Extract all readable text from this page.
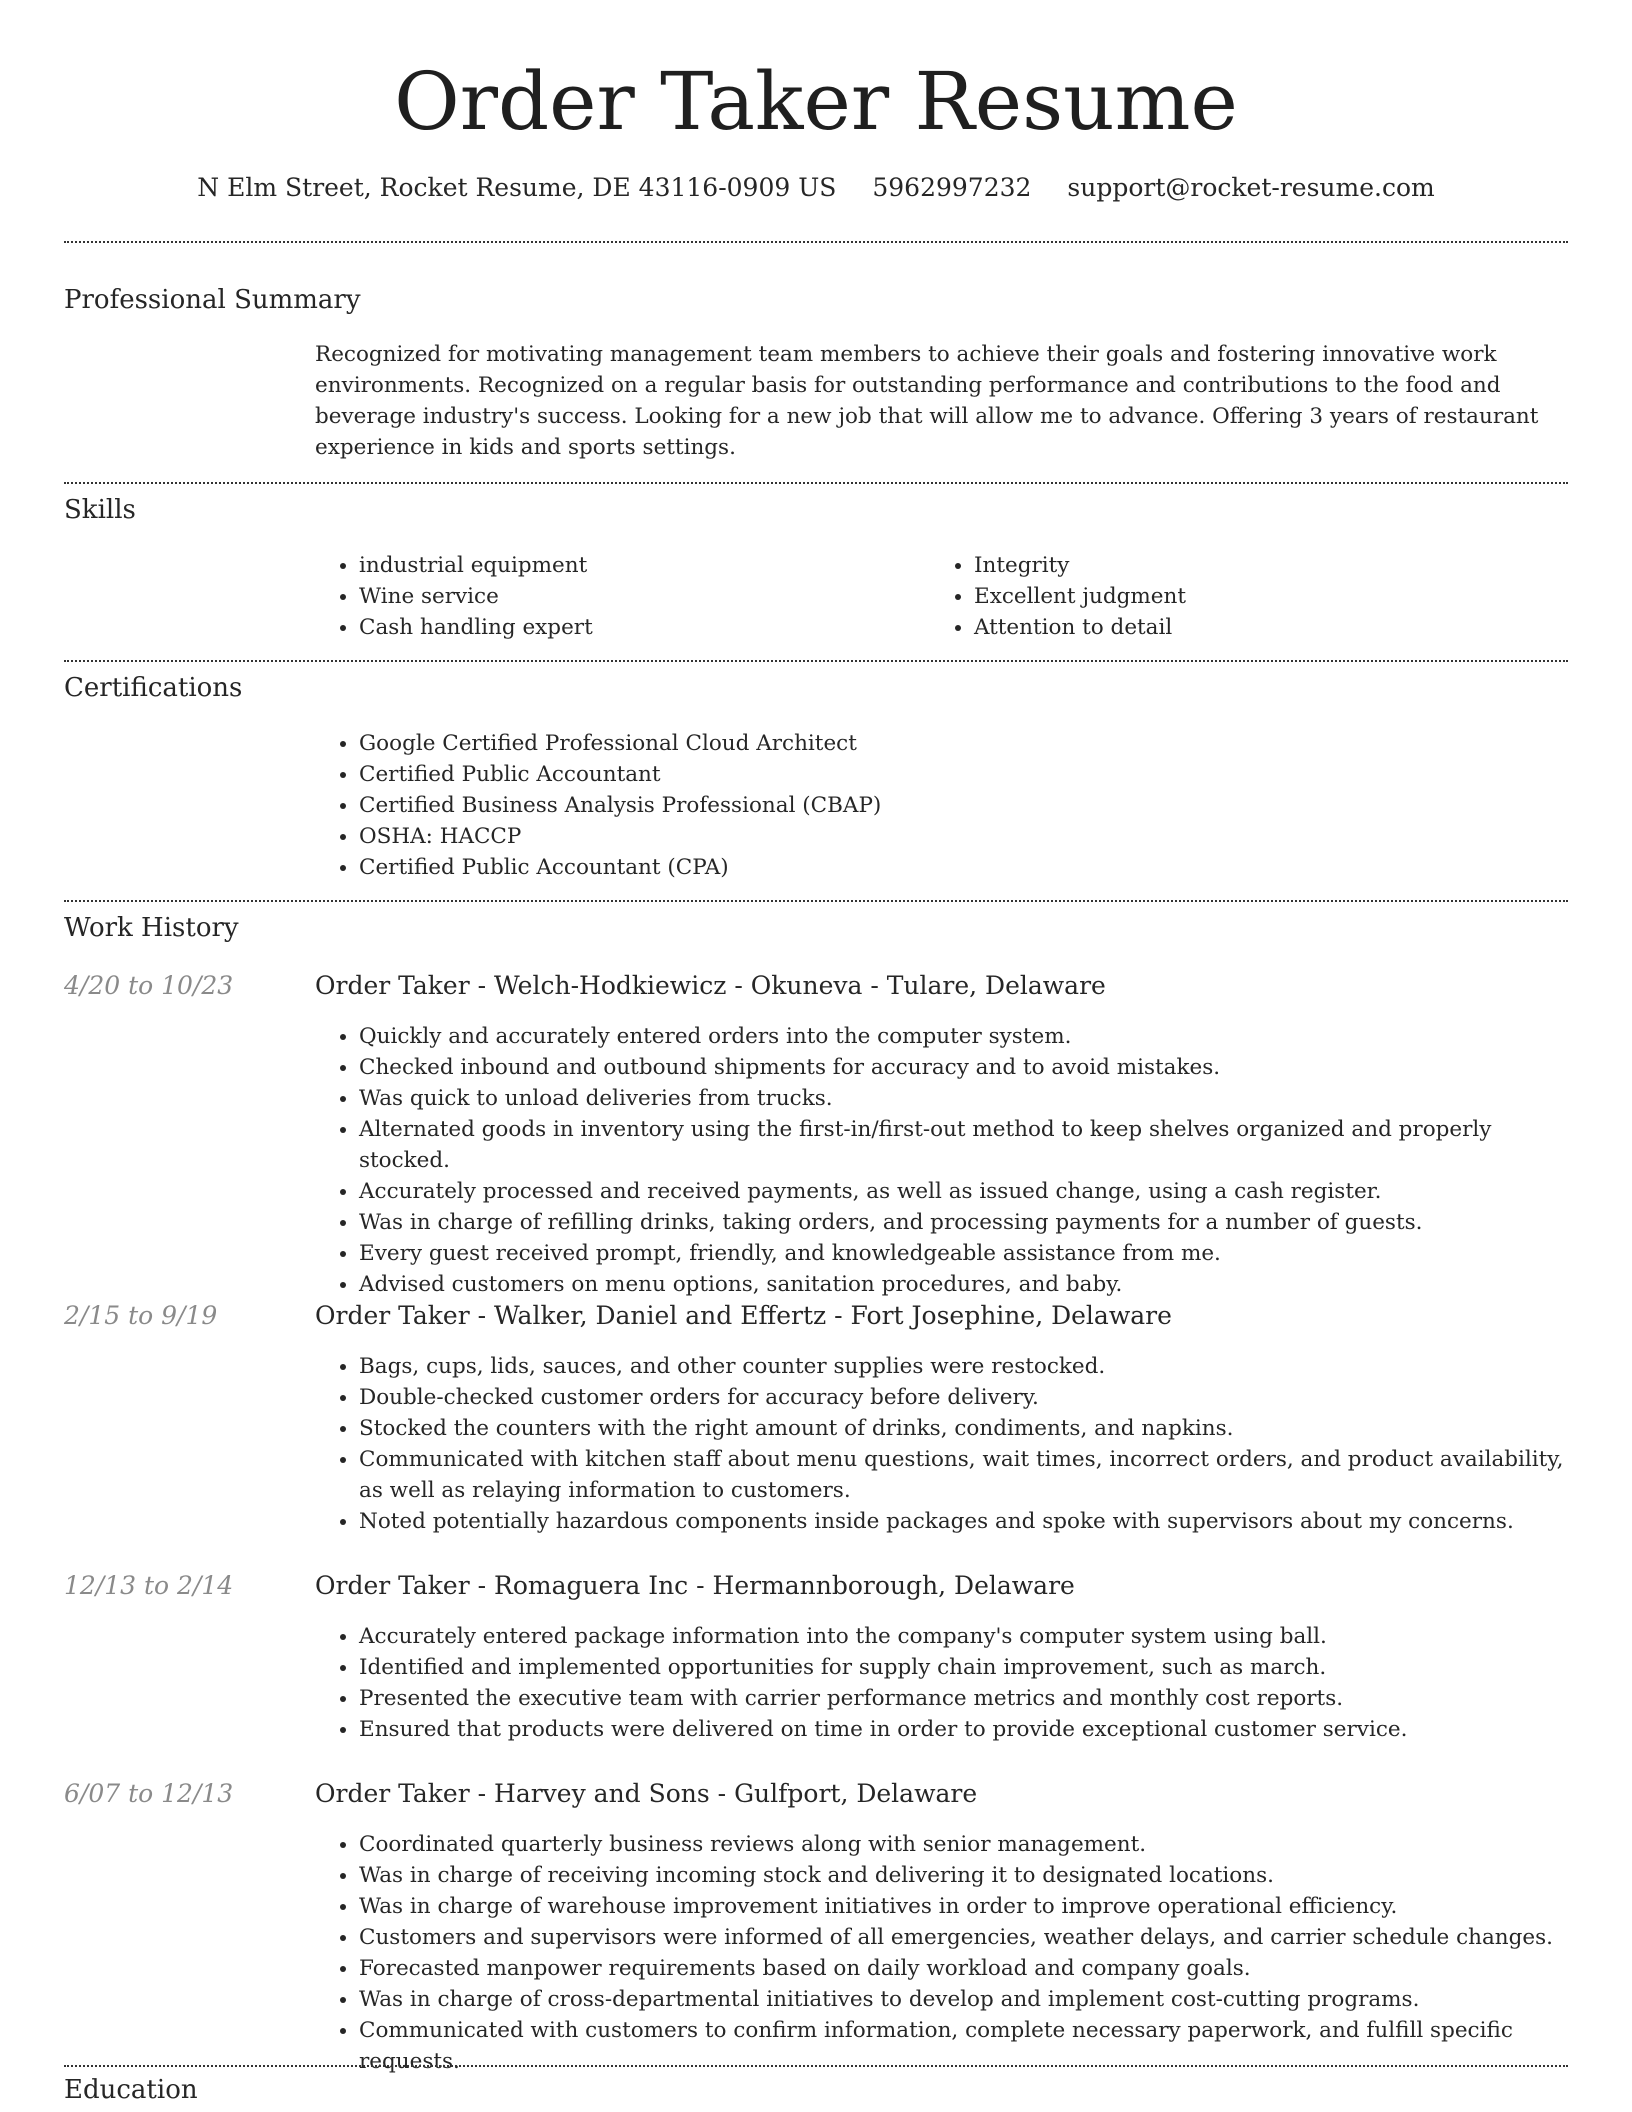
Order Taker Resume
N Elm Street, Rocket Resume, DE 43116-0909 US 5962997232 support@rocket-resume.com
Professional Summary

Recognized for motivating management team members to achieve their goals and fostering innovative work environments. Recognized on a regular basis for outstanding performance and contributions to the food and beverage industry's success. Looking for a new job that will allow me to advance. Offering 3 years of restaurant experience in kids and sports settings.

Skills
• industrial equipment
• Wine service
• Cash handling expert
• Integrity
• Excellent judgment
• Attention to detail
Certifications
• Google Certified Professional Cloud Architect
• Certified Public Accountant
• Certified Business Analysis Professional (CBAP)
• OSHA: HACCP
• Certified Public Accountant (CPA)
Work History
4/20 to 10/23	Order Taker - Welch-Hodkiewicz - Okuneva - Tulare, Delaware
• Quickly and accurately entered orders into the computer system.
• Checked inbound and outbound shipments for accuracy and to avoid mistakes.
• Was quick to unload deliveries from trucks.
• Alternated goods in inventory using the first-in/first-out method to keep shelves organized and properly stocked.
• Accurately processed and received payments, as well as issued change, using a cash register.
• Was in charge of refilling drinks, taking orders, and processing payments for a number of guests.
• Every guest received prompt, friendly, and knowledgeable assistance from me.
• Advised customers on menu options, sanitation procedures, and baby.
2/15 to 9/19	Order Taker - Walker, Daniel and Effertz - Fort Josephine, Delaware
• Bags, cups, lids, sauces, and other counter supplies were restocked.
• Double-checked customer orders for accuracy before delivery.
• Stocked the counters with the right amount of drinks, condiments, and napkins.
• Communicated with kitchen staff about menu questions, wait times, incorrect orders, and product availability, as well as relaying information to customers.
• Noted potentially hazardous components inside packages and spoke with supervisors about my concerns.
12/13 to 2/14	Order Taker - Romaguera Inc - Hermannborough, Delaware
• Accurately entered package information into the company's computer system using ball.
• Identified and implemented opportunities for supply chain improvement, such as march.
• Presented the executive team with carrier performance metrics and monthly cost reports.
• Ensured that products were delivered on time in order to provide exceptional customer service.
6/07 to 12/13	Order Taker - Harvey and Sons - Gulfport, Delaware
• Coordinated quarterly business reviews along with senior management.
• Was in charge of receiving incoming stock and delivering it to designated locations.
• Was in charge of warehouse improvement initiatives in order to improve operational efficiency.
• Customers and supervisors were informed of all emergencies, weather delays, and carrier schedule changes.
• Forecasted manpower requirements based on daily workload and company goals.
• Was in charge of cross-departmental initiatives to develop and implement cost-cutting programs.
• Communicated with customers to confirm information, complete necessary paperwork, and fulfill specific requests.
Education
